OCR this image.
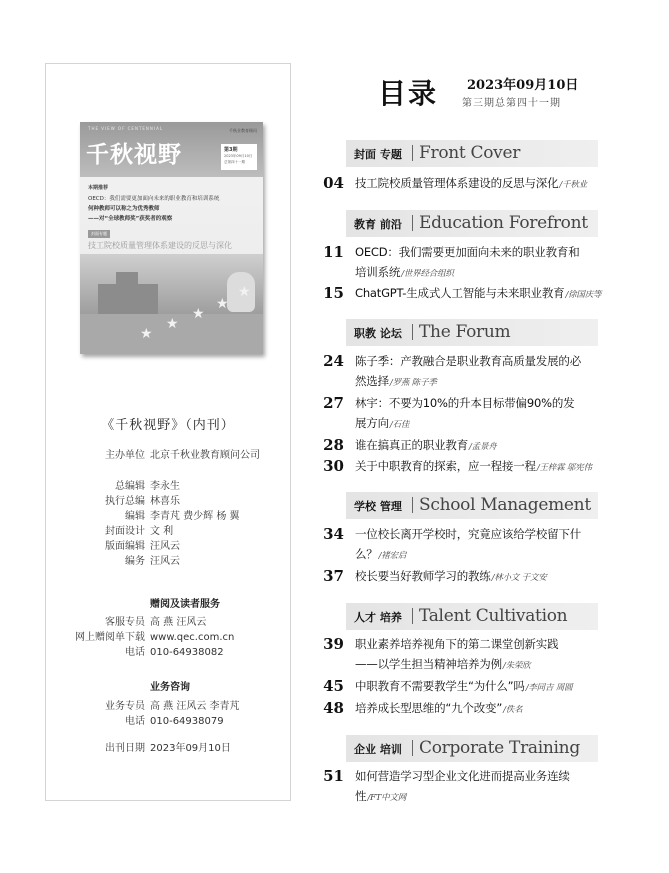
THE VIEW OF CENTENNIAL
千秋视野
千秋业教育顾问
第3期
2023年09月10日
总第四十一期
本期推荐
OECD：我们需要更加面向未来的职业教育和培训系统
何种教师可以称之为优秀教师
——对“全球教师奖”获奖者的观察
封面专题
技工院校质量管理体系建设的反思与深化
★
★
★
★
★
《千秋视野》（内刊）
主办单位 北京千秋业教育顾问公司
总编辑 李永生
执行总编 林喜乐
编辑 李青芃 费少辉 杨 翼
封面设计 文 利
版面编辑 汪风云
编务 汪风云
赠阅及读者服务
客服专员 高 燕 汪风云
网上赠阅单下载 www.qec.com.cn
电话 010-64938082
业务咨询
业务专员 高 燕 汪风云 李青芃
电话 010-64938079
出刊日期 2023年09月10日
目录 2023年09月10日
第三期总第四十一期
封面 专题 Front Cover
04 技工院校质量管理体系建设的反思与深化/千秋业
教育 前沿 Education Forefront
11 OECD：我们需要更加面向未来的职业教育和
培训系统/世界经合组织
15 ChatGPT-生成式人工智能与未来职业教育/徐国庆等
职教 论坛 The Forum
24 陈子季：产教融合是职业教育高质量发展的必
然选择/罗燕 陈子季
27 林宇：不要为10%的升本目标带偏90%的发
展方向/石佳
28 谁在搞真正的职业教育/孟景舟
30 关于中职教育的探索，应一程接一程/王梓霖 邬宪伟
学校 管理 School Management
34 一位校长离开学校时，究竟应该给学校留下什
么？/褚宏启
37 校长要当好教师学习的教练/林小文 于文安
人才 培养 Talent Cultivation
39 职业素养培养视角下的第二课堂创新实践
——以学生担当精神培养为例/朱荣欣
45 中职教育不需要教学生“为什么”吗/李同吉 周圆
48 培养成长型思维的“九个改变”/佚名
企业 培训 Corporate Training
51 如何营造学习型企业文化进而提高业务连续
性/FT中文网
